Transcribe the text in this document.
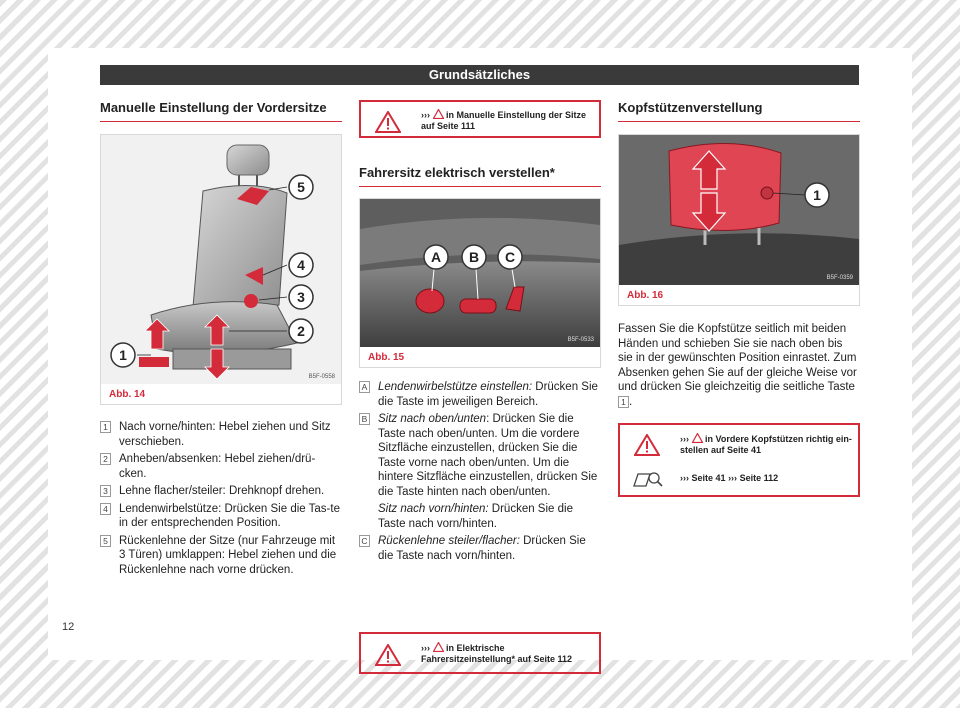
Grundsätzliches
Manuelle Einstellung der Vordersitze
5
4
3
2
1
B5F-0558
Abb. 14
1 Nach vorne/hinten: Hebel ziehen und Sitz verschieben.
2 Anheben/absenken: Hebel ziehen/drü-cken.
3 Lehne flacher/steiler: Drehknopf drehen.
4 Lendenwirbelstütze: Drücken Sie die Tas-te in der entsprechenden Position.
5 Rückenlehne der Sitze (nur Fahrzeuge mit 3 Türen) umklappen: Hebel ziehen und die Rückenlehne nach vorne drücken.
››› in Manuelle Einstellung der Sitze auf Seite 111
Fahrersitz elektrisch verstellen*
A B C
B5F-0533
Abb. 15
A Lendenwirbelstütze einstellen: Drücken Sie die Taste im jeweiligen Bereich.
B Sitz nach oben/unten: Drücken Sie die Taste nach oben/unten. Um die vordere Sitzfläche einzustellen, drücken Sie die Taste vorne nach oben/unten. Um die hintere Sitzfläche einzustellen, drücken Sie die Taste hinten nach oben/unten.
Sitz nach vorn/hinten: Drücken Sie die Taste nach vorn/hinten.
C Rückenlehne steiler/flacher: Drücken Sie die Taste nach vorn/hinten.
››› in Elektrische Fahrersitzeinstellung* auf Seite 112
Kopfstützenverstellung
1
B5F-0359
Abb. 16
Fassen Sie die Kopfstütze seitlich mit beiden Händen und schieben Sie sie nach oben bis sie in der gewünschten Position einrastet. Zum Absenken gehen Sie auf der gleiche Weise vor und drücken Sie gleichzeitig die seitliche Taste 1 .
››› in Vordere Kopfstützen richtig ein-stellen auf Seite 41
››› Seite 41 ››› Seite 112
12
